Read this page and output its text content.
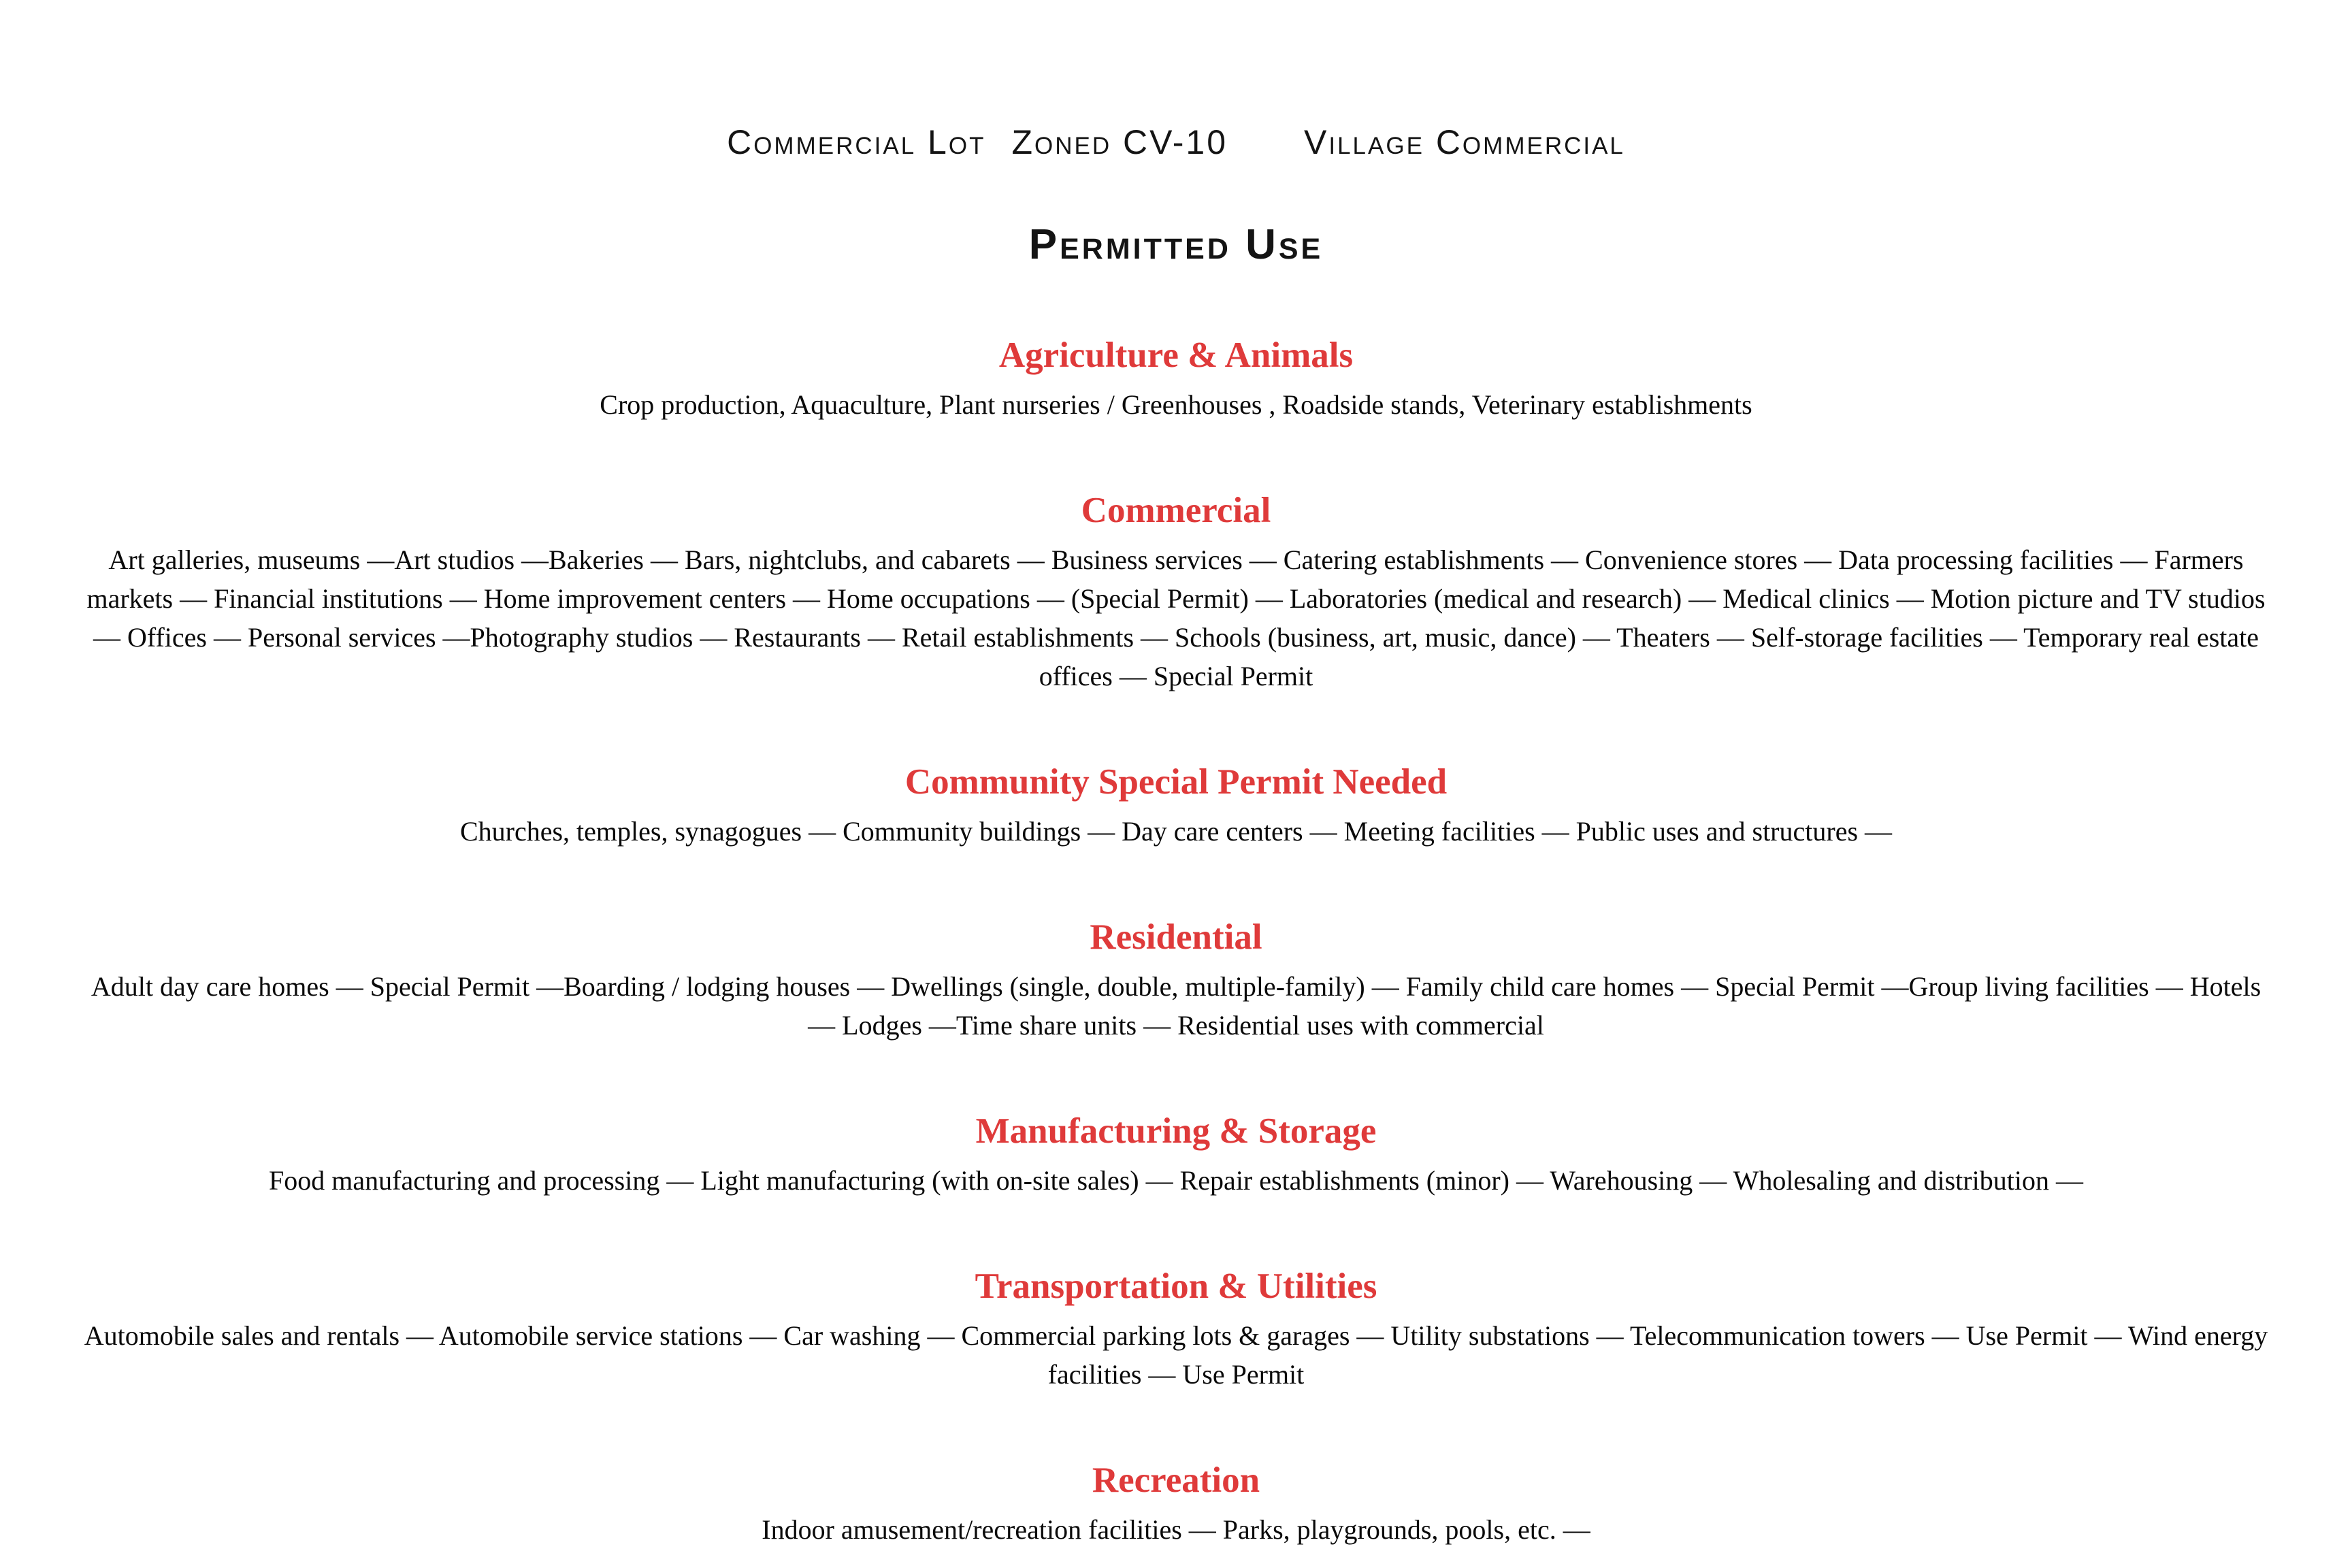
Commercial Lot Zoned CV-10 Village Commercial
Permitted Use
Agriculture & Animals
Crop production, Aquaculture, Plant nurseries / Greenhouses , Roadside stands, Veterinary establishments
Commercial
Art galleries, museums —Art studios —Bakeries — Bars, nightclubs, and cabarets — Business services — Catering establishments — Convenience stores — Data processing facilities — Farmers markets — Financial institutions — Home improvement centers — Home occupations — (Special Permit) — Laboratories (medical and research) — Medical clinics — Motion picture and TV studios — Offices — Personal services —Photography studios — Restaurants — Retail establishments — Schools (business, art, music, dance) — Theaters — Self-storage facilities — Temporary real estate offices — Special Permit
Community Special Permit Needed
Churches, temples, synagogues — Community buildings — Day care centers — Meeting facilities — Public uses and structures —
Residential
Adult day care homes — Special Permit —Boarding / lodging houses — Dwellings (single, double, multiple-family) — Family child care homes — Special Permit —Group living facilities — Hotels — Lodges —Time share units — Residential uses with commercial
Manufacturing & Storage
Food manufacturing and processing — Light manufacturing (with on-site sales) — Repair establishments (minor) — Warehousing — Wholesaling and distribution —
Transportation & Utilities
Automobile sales and rentals — Automobile service stations — Car washing — Commercial parking lots & garages — Utility substations — Telecommunication towers — Use Permit — Wind energy facilities — Use Permit
Recreation
Indoor amusement/recreation facilities — Parks, playgrounds, pools, etc. —
